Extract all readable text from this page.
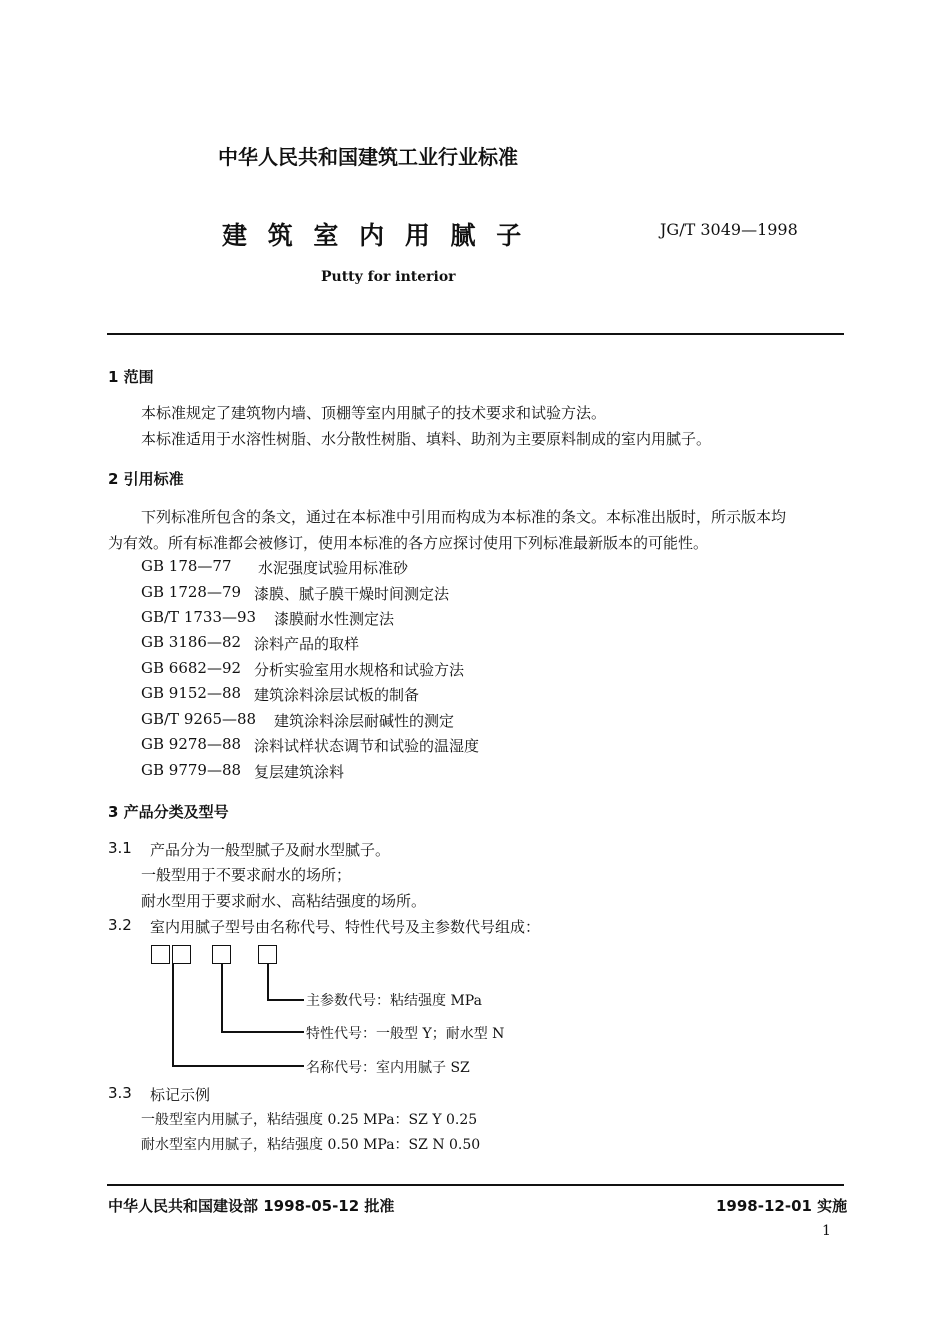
中华人民共和国建筑工业行业标准
建 筑 室 内 用 腻 子	JG/T 3049—1998
Putty for interior
1 范围
本标准规定了建筑物内墙、顶棚等室内用腻子的技术要求和试验方法。
本标准适用于水溶性树脂、水分散性树脂、填料、助剂为主要原料制成的室内用腻子。
2 引用标准
下列标准所包含的条文，通过在本标准中引用而构成为本标准的条文。本标准出版时，所示版本均
为有效。所有标准都会被修订，使用本标准的各方应探讨使用下列标准最新版本的可能性。
GB 178—77 水泥强度试验用标准砂
GB 1728—79 漆膜、腻子膜干燥时间测定法
GB/T 1733—93 漆膜耐水性测定法
GB 3186—82 涂料产品的取样
GB 6682—92 分析实验室用水规格和试验方法
GB 9152—88 建筑涂料涂层试板的制备
GB/T 9265—88 建筑涂料涂层耐碱性的测定
GB 9278—88 涂料试样状态调节和试验的温湿度
GB 9779—88 复层建筑涂料
3 产品分类及型号
3.1 产品分为一般型腻子及耐水型腻子。
一般型用于不要求耐水的场所；
耐水型用于要求耐水、高粘结强度的场所。
3.2 室内用腻子型号由名称代号、特性代号及主参数代号组成：
主参数代号：粘结强度 MPa
特性代号：一般型 Y；耐水型 N
名称代号：室内用腻子 SZ
3.3 标记示例
一般型室内用腻子，粘结强度 0.25 MPa：SZ Y 0.25
耐水型室内用腻子，粘结强度 0.50 MPa：SZ N 0.50
中华人民共和国建设部 1998-05-12 批准	1998-12-01 实施
1
